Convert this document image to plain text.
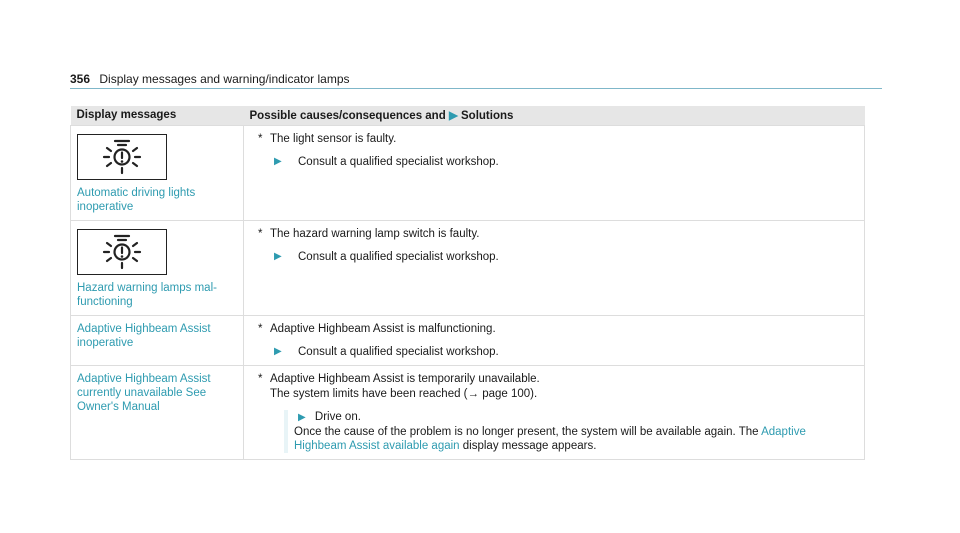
356 Display messages and warning/indicator lamps
Display messages	Possible causes/consequences and ▶ Solutions

Automatic driving lights inoperative	* The light sensor is faulty.
▶ Consult a qualified specialist workshop.

Hazard warning lamps mal- functioning	* The hazard warning lamp switch is faulty.
▶ Consult a qualified specialist workshop.

Adaptive Highbeam Assist inoperative	* Adaptive Highbeam Assist is malfunctioning.
▶ Consult a qualified specialist workshop.

Adaptive Highbeam Assist currently unavailable See Owner's Manual	* Adaptive Highbeam Assist is temporarily unavailable.
The system limits have been reached (→ page 100).
▶ Drive on.
Once the cause of the problem is no longer present, the system will be available again. The Adaptive Highbeam Assist available again display message appears.
